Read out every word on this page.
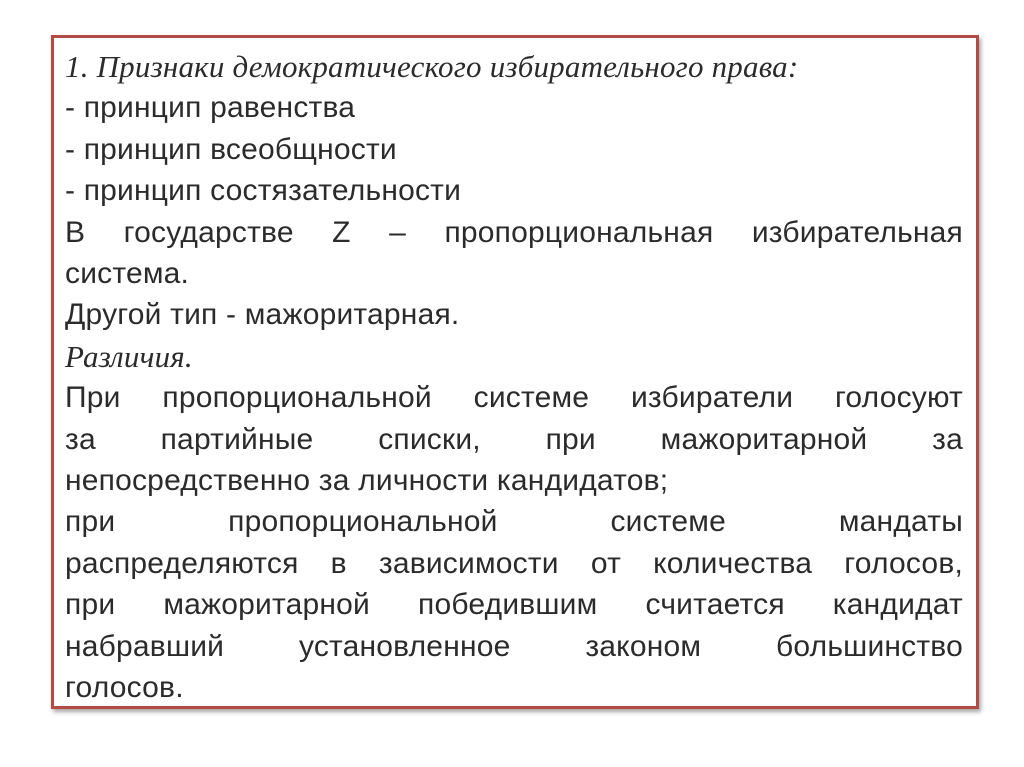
1. Признаки демократического избирательного права:
- принцип равенства
- принцип всеобщности
- принцип состязательности
В государстве Z – пропорциональная избирательная
система.
Другой тип - мажоритарная.
Различия.
При пропорциональной системе избиратели голосуют
за партийные списки, при мажоритарной за
непосредственно за личности кандидатов;
при	пропорциональной	системе	мандаты
распределяются в зависимости от количества голосов,
при мажоритарной победившим считается кандидат
набравший установленное законом большинство
голосов.
